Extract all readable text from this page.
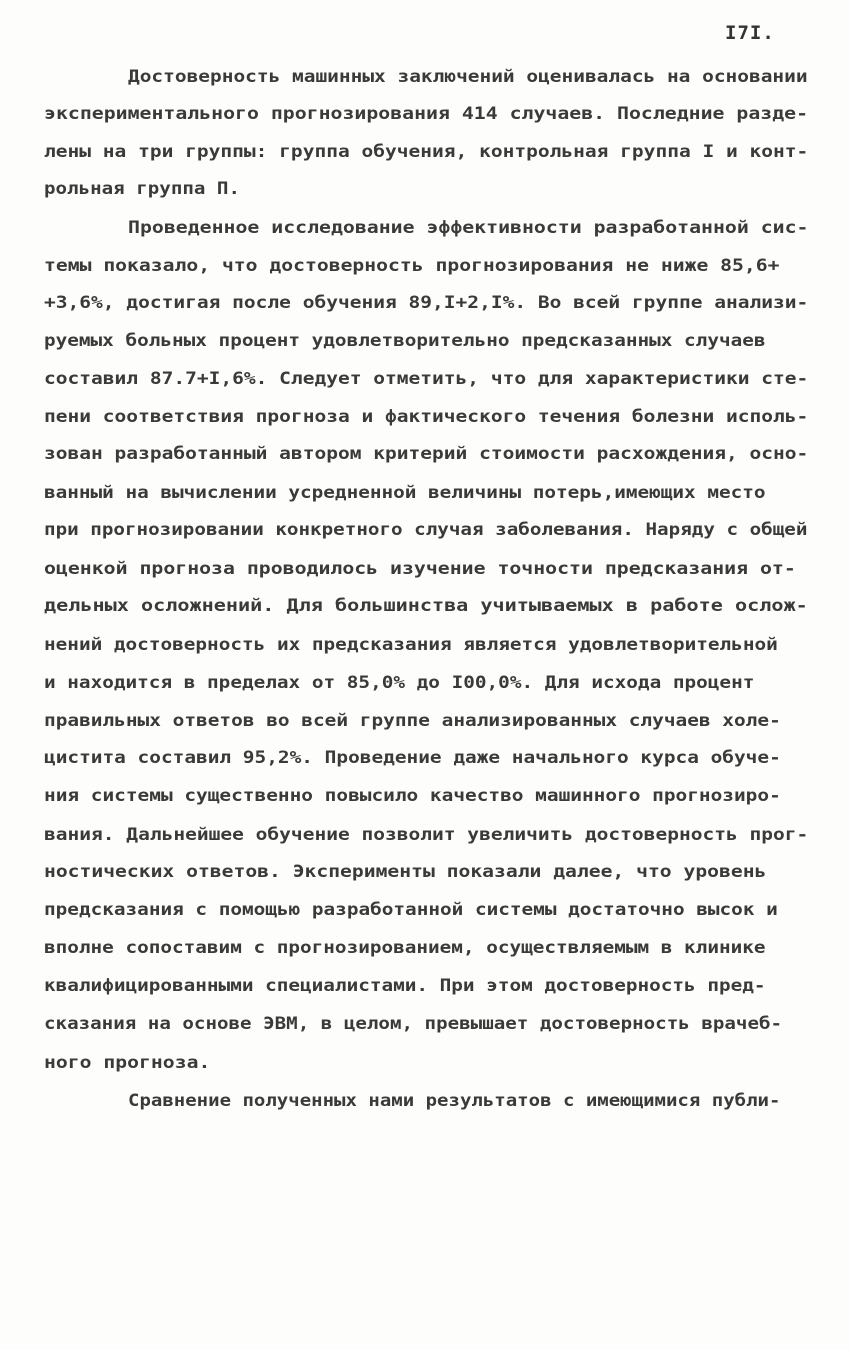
I7I.
Достоверность машинных заключений оценивалась на основании
экспериментального прогнозирования 414 случаев. Последние разде-
лены на три группы: группа обучения, контрольная группа I и конт-
рольная группа П.
Проведенное исследование эффективности разработанной сис-
темы показало, что достоверность прогнозирования не ниже 85,6+
+3,6%, достигая после обучения 89,I+2,I%. Во всей группе анализи-
руемых больных процент удовлетворительно предсказанных случаев
составил 87.7+I,6%. Следует отметить, что для характеристики сте-
пени соответствия прогноза и фактического течения болезни исполь-
зован разработанный автором критерий стоимости расхождения, осно-
ванный на вычислении усредненной величины потерь,имеющих место
при прогнозировании конкретного случая заболевания. Наряду с общей
оценкой прогноза проводилось изучение точности предсказания от-
дельных осложнений. Для большинства учитываемых в работе ослож-
нений достоверность их предсказания является удовлетворительной
и находится в пределах от 85,0% до I00,0%. Для исхода процент
правильных ответов во всей группе анализированных случаев холе-
цистита составил 95,2%. Проведение даже начального курса обуче-
ния системы существенно повысило качество машинного прогнозиро-
вания. Дальнейшее обучение позволит увеличить достоверность прог-
ностических ответов. Эксперименты показали далее, что уровень
предсказания с помощью разработанной системы достаточно высок и
вполне сопоставим с прогнозированием, осуществляемым в клинике
квалифицированными специалистами. При этом достоверность пред-
сказания на основе ЭВМ, в целом, превышает достоверность врачеб-
ного прогноза.
Сравнение полученных нами результатов с имеющимися публи-
